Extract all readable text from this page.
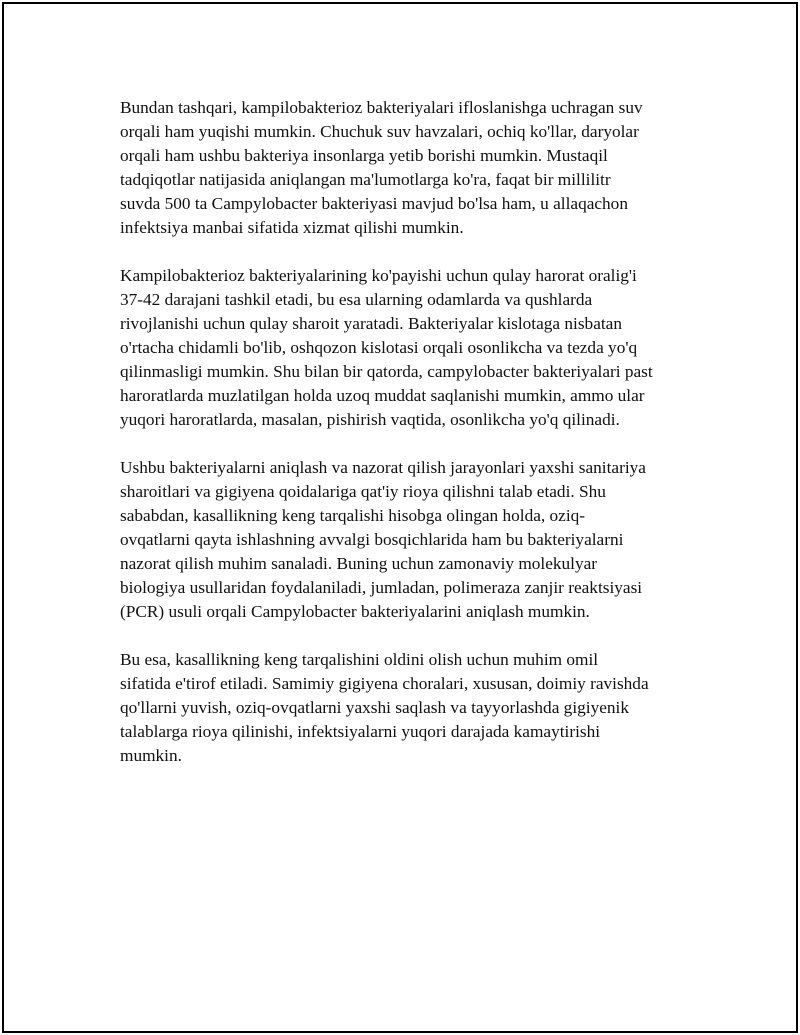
Bundan tashqari, kampilobakterioz bakteriyalari ifloslanishga uchragan suv
orqali ham yuqishi mumkin. Chuchuk suv havzalari, ochiq ko'llar, daryolar
orqali ham ushbu bakteriya insonlarga yetib borishi mumkin. Mustaqil
tadqiqotlar natijasida aniqlangan ma'lumotlarga ko'ra, faqat bir millilitr
suvda 500 ta Campylobacter bakteriyasi mavjud bo'lsa ham, u allaqachon
infektsiya manbai sifatida xizmat qilishi mumkin.

Kampilobakterioz bakteriyalarining ko'payishi uchun qulay harorat oralig'i
37-42 darajani tashkil etadi, bu esa ularning odamlarda va qushlarda
rivojlanishi uchun qulay sharoit yaratadi. Bakteriyalar kislotaga nisbatan
o'rtacha chidamli bo'lib, oshqozon kislotasi orqali osonlikcha va tezda yo'q
qilinmasligi mumkin. Shu bilan bir qatorda, campylobacter bakteriyalari past
haroratlarda muzlatilgan holda uzoq muddat saqlanishi mumkin, ammo ular
yuqori haroratlarda, masalan, pishirish vaqtida, osonlikcha yo'q qilinadi.

Ushbu bakteriyalarni aniqlash va nazorat qilish jarayonlari yaxshi sanitariya
sharoitlari va gigiyena qoidalariga qat'iy rioya qilishni talab etadi. Shu
sababdan, kasallikning keng tarqalishi hisobga olingan holda, oziq-
ovqatlarni qayta ishlashning avvalgi bosqichlarida ham bu bakteriyalarni
nazorat qilish muhim sanaladi. Buning uchun zamonaviy molekulyar
biologiya usullaridan foydalaniladi, jumladan, polimeraza zanjir reaktsiyasi
(PCR) usuli orqali Campylobacter bakteriyalarini aniqlash mumkin.

Bu esa, kasallikning keng tarqalishini oldini olish uchun muhim omil
sifatida e'tirof etiladi. Samimiy gigiyena choralari, xususan, doimiy ravishda
qo'llarni yuvish, oziq-ovqatlarni yaxshi saqlash va tayyorlashda gigiyenik
talablarga rioya qilinishi, infektsiyalarni yuqori darajada kamaytirishi
mumkin.
